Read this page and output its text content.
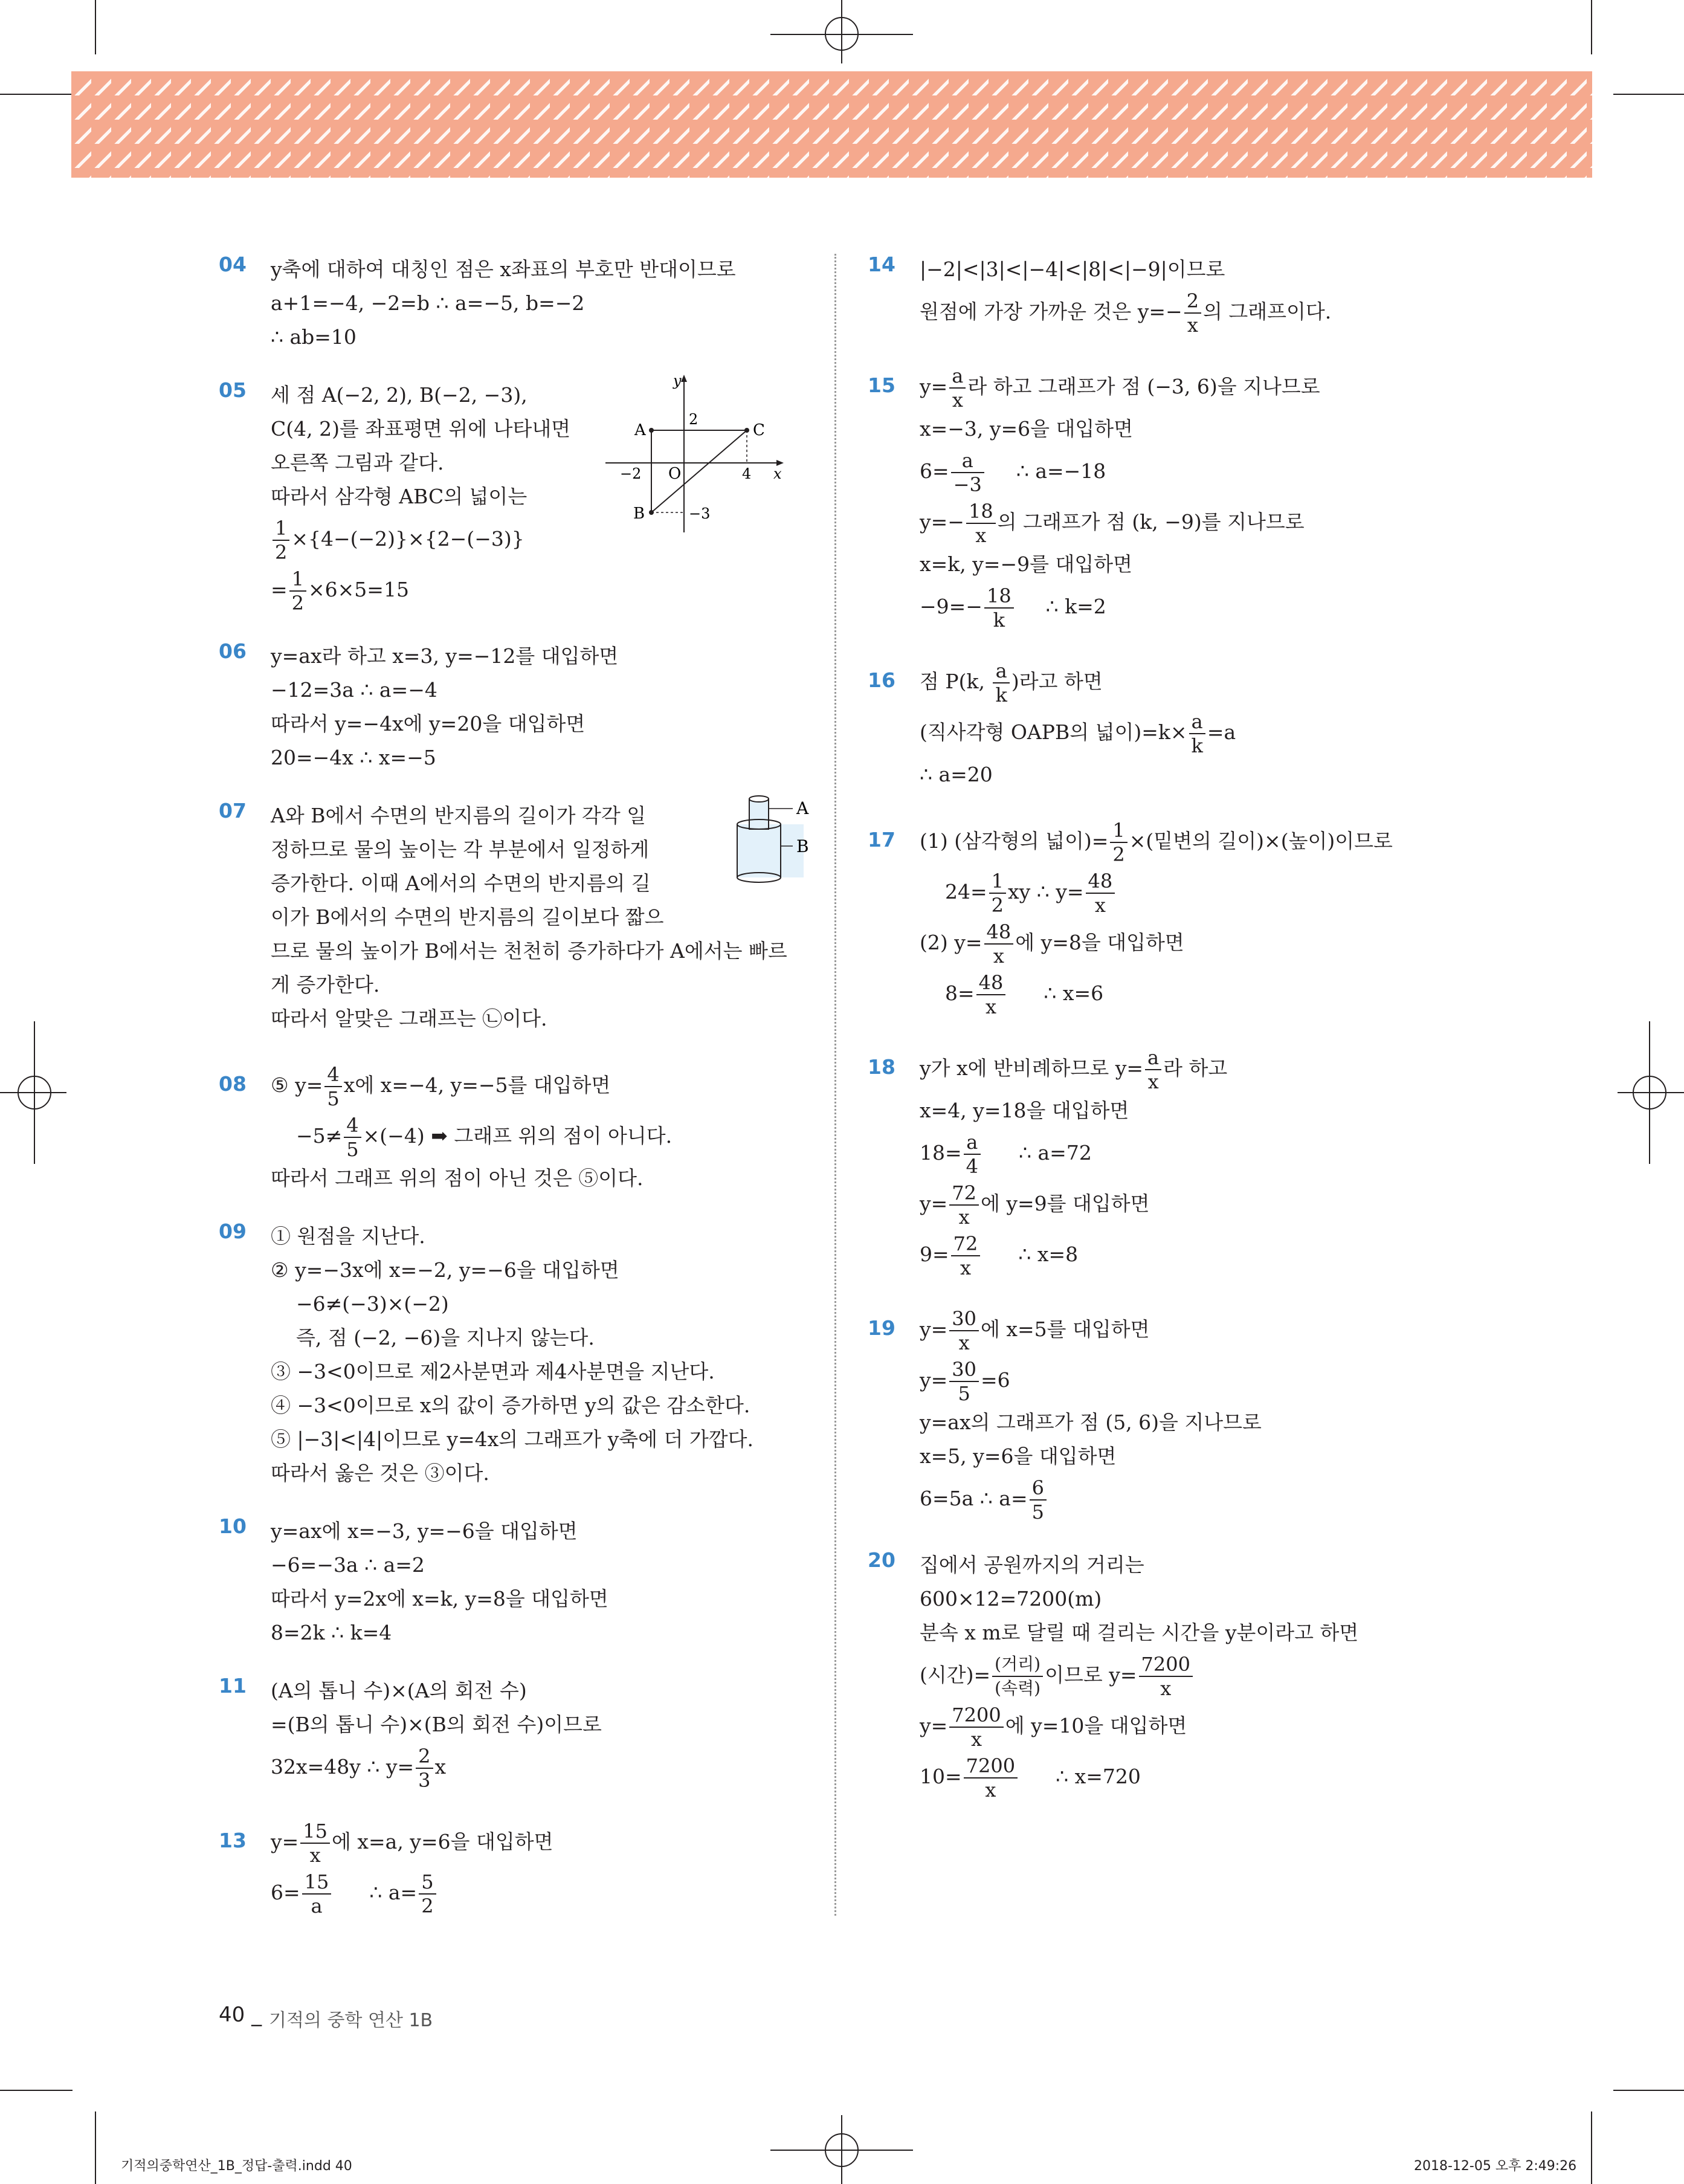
04 y축에 대하여 대칭인 점은 x좌표의 부호만 반대이므로
a+1=−4, −2=b ∴ a=−5, b=−2
∴ ab=10
05 세 점 A(−2, 2), B(−2, −3),
C(4, 2)를 좌표평면 위에 나타내면
오른쪽 그림과 같다.
따라서 삼각형 ABC의 넓이는
$\frac{1}{2} \times\{4-(-2)\}\times\{2-(-3)\}$
= $\frac{1}{2} \times 6\times 5=15$
y
2
A	C
−2 O	4 x
B	−3
06 y=ax라 하고 x=3, y=−12를 대입하면
−12=3a ∴ a=−4
따라서 y=−4x에 y=20을 대입하면
20=−4x ∴ x=−5
07 A와 B에서 수면의 반지름의 길이가 각각 일
정하므로 물의 높이는 각 부분에서 일정하게
증가한다. 이때 A에서의 수면의 반지름의 길
이가 B에서의 수면의 반지름의 길이보다 짧으
므로 물의 높이가 B에서는 천천히 증가하다가 A에서는 빠르
게 증가한다.
따라서 알맞은 그래프는 ㉡이다.
A
B
08 ⑤ $y= \frac{4}{5}$ x에 x=−4, y=−5를 대입하면
$-5\ne \frac{4}{5} \times(-4)$ ➡ 그래프 위의 점이 아니다.
따라서 그래프 위의 점이 아닌 것은 ⑤이다.
09 ① 원점을 지난다.
② y=−3x에 x=−2, y=−6을 대입하면
−6≠(−3)×(−2)
즉, 점 (−2, −6)을 지나지 않는다.
③ −3<0이므로 제2사분면과 제4사분면을 지난다.
④ −3<0이므로 x의 값이 증가하면 y의 값은 감소한다.
⑤ |−3|<|4|이므로 y=4x의 그래프가 y축에 더 가깝다.
따라서 옳은 것은 ③이다.
10 y=ax에 x=−3, y=−6을 대입하면
−6=−3a ∴ a=2
따라서 y=2x에 x=k, y=8을 대입하면
8=2k ∴ k=4
11 (A의 톱니 수)×(A의 회전 수)
=(B의 톱니 수)×(B의 회전 수)이므로
32x=48y ∴ $y= \frac{2}{3}$ x
13 $y= \frac{15}{x}$ 에 x=a, y=6을 대입하면
$6= \frac{15}{a}$ ∴ $a= \frac{5}{2}$
14 |−2|<|3|<|−4|<|8|<|−9|이므로
원점에 가장 가까운 것은 $y=- \frac{2}{x}$ 의 그래프이다.
15 $y= \frac{a}{x}$ 라 하고 그래프가 점 (−3, 6)을 지나므로
x=−3, y=6을 대입하면
$6= \frac{a}{-3}$ ∴ a=−18
$y=- \frac{18}{x}$ 의 그래프가 점 (k, −9)를 지나므로
x=k, y=−9를 대입하면
$-9=- \frac{18}{k}$ ∴ k=2
16 점 P(k, $\frac{a}{k}$ )라고 하면
(직사각형 OAPB의 넓이)$=k\times \frac{a}{k} =a$
∴ a=20
17 (1) (삼각형의 넓이)= $\frac{1}{2}$ ×(밑변의 길이)×(높이)이므로
$24= \frac{1}{2}$ xy ∴ $y= \frac{48}{x}$
(2) $y= \frac{48}{x}$ 에 y=8을 대입하면
$8= \frac{48}{x}$ ∴ x=6
18 y가 x에 반비례하므로 $y= \frac{a}{x}$ 라 하고
x=4, y=18을 대입하면
$18= \frac{a}{4}$ ∴ a=72
$y= \frac{72}{x}$ 에 y=9를 대입하면
$9= \frac{72}{x}$ ∴ x=8
19 $y= \frac{30}{x}$ 에 x=5를 대입하면
$y= \frac{30}{5} =6$
y=ax의 그래프가 점 (5, 6)을 지나므로
x=5, y=6을 대입하면
6=5a ∴ $a= \frac{6}{5}$
20 집에서 공원까지의 거리는
600×12=7200(m)
분속 x m로 달릴 때 걸리는 시간을 y분이라고 하면
(시간)= $\frac{\text{(거리)}}{\text{(속력)}}$ 이므로 $y= \frac{7200}{x}$
$y= \frac{7200}{x}$ 에 y=10을 대입하면
$10= \frac{7200}{x}$ ∴ x=720
40 _ 기적의 중학 연산 1B
기적의중학연산_1B_정답-출력.indd 40	2018-12-05 오후 2:49:26
